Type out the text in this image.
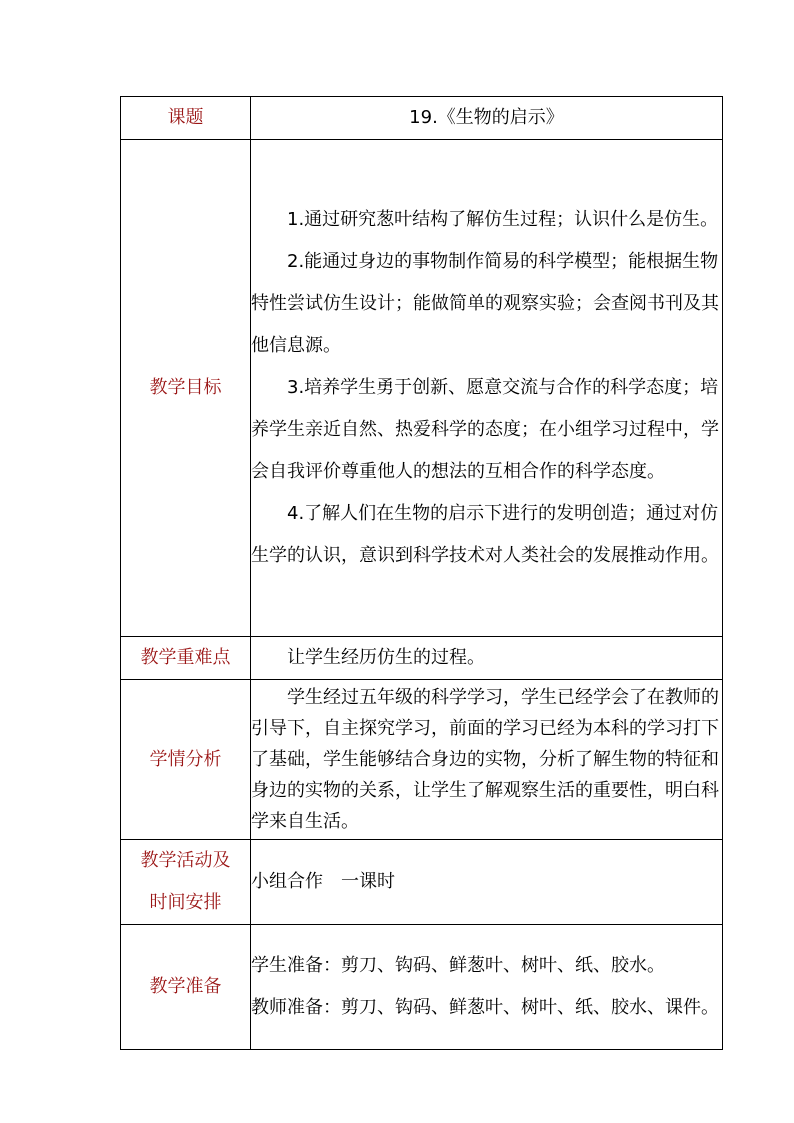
课题	19.《生物的启示》
教学目标	1.通过研究葱叶结构了解仿生过程；认识什么是仿生。

2.能通过身边的事物制作简易的科学模型；能根据生物特性尝试仿生设计；能做简单的观察实验；会查阅书刊及其他信息源。

3.培养学生勇于创新、愿意交流与合作的科学态度；培养学生亲近自然、热爱科学的态度；在小组学习过程中，学会自我评价尊重他人的想法的互相合作的科学态度。

4.了解人们在生物的启示下进行的发明创造；通过对仿生学的认识，意识到科学技术对人类社会的发展推动作用。

教学重难点	让学生经历仿生的过程。

学情分析	学生经过五年级的科学学习，学生已经学会了在教师的引导下，自主探究学习，前面的学习已经为本科的学习打下了基础，学生能够结合身边的实物，分析了解生物的特征和身边的实物的关系，让学生了解观察生活的重要性，明白科学来自生活。

教学活动及
时间安排	小组合作　一课时

教学准备	学生准备：剪刀、钩码、鲜葱叶、树叶、纸、胶水。

教师准备：剪刀、钩码、鲜葱叶、树叶、纸、胶水、课件。
